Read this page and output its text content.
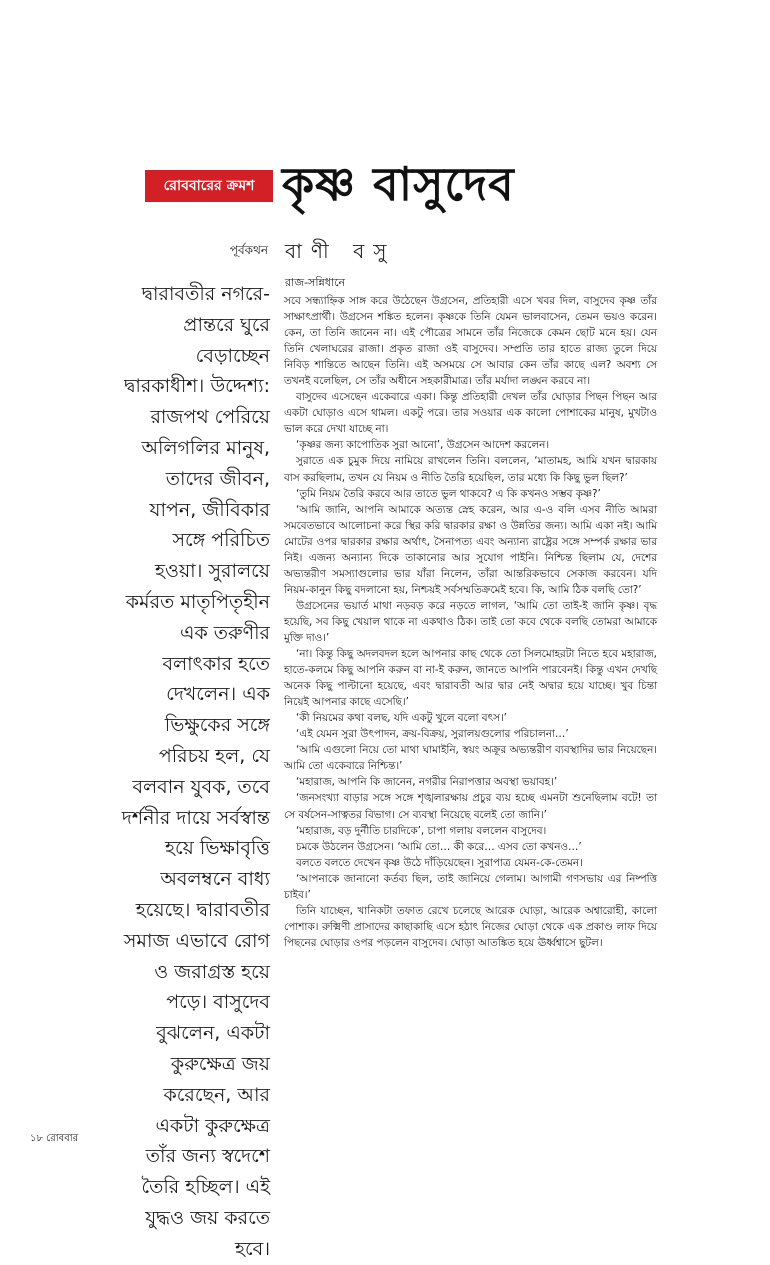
রোববারের ক্রমশ কৃষ্ণ বাসুদেব
বাণী বসু
পূর্বকথন
দ্বারাবতীর নগরে-প্রান্তরে ঘুরে বেড়াচ্ছেন দ্বারকাধীশ। উদ্দেশ্য: রাজপথ পেরিয়ে অলিগলির মানুষ, তাদের জীবন, যাপন, জীবিকার সঙ্গে পরিচিত হওয়া। সুরালয়ে কর্মরত মাতৃপিতৃহীন এক তরুণীর বলাৎকার হতে দেখলেন। এক ভিক্ষুকের সঙ্গে পরিচয় হল, যে বলবান যুবক, তবে দর্শনীর দায়ে সর্বস্বান্ত হয়ে ভিক্ষাবৃত্তি অবলম্বনে বাধ্য হয়েছে। দ্বারাবতীর সমাজ এভাবে রোগ ও জরাগ্রস্ত হয়ে পড়ে। বাসুদেব বুঝলেন, একটা কুরুক্ষেত্র জয় করেছেন, আর একটা কুরুক্ষেত্র তাঁর জন্য স্বদেশে তৈরি হচ্ছিল। এই যুদ্ধও জয় করতে হবে।
রাজ-সন্নিধানে

সবে সন্ধ্যাহ্নিক সাঙ্গ করে উঠেছেন উগ্রসেন, প্রতিহারী এসে খবর দিল, বাসুদেব কৃষ্ণ তাঁর সাক্ষাৎপ্রার্থী। উগ্রসেন শঙ্কিত হলেন। কৃষ্ণকে তিনি যেমন ভালবাসেন, তেমন ভয়ও করেন। কেন, তা তিনি জানেন না। এই পৌত্রের সামনে তাঁর নিজেকে কেমন ছোট মনে হয়। যেন তিনি খেলাঘরের রাজা। প্রকৃত রাজা ওই বাসুদেব। সম্প্রতি তার হাতে রাজ্য তুলে দিয়ে নিবিড় শান্তিতে আছেন তিনি। এই অসময়ে সে আবার কেন তাঁর কাছে এল? অবশ্য সে তখনই বলেছিল, সে তাঁর অধীনে সহকারীমাত্র। তাঁর মর্যাদা লঙ্ঘন করবে না।

বাসুদেব এসেছেন একেবারে একা। কিন্তু প্রতিহারী দেখল তাঁর ঘোড়ার পিছন পিছন আর একটা ঘোড়াও এসে থামল। একটু পরে। তার সওয়ার এক কালো পোশাকের মানুষ, মুখটাও ভাল করে দেখা যাচ্ছে না।

‘কৃষ্ণর জন্য কাপোতিক সুরা আনো’, উগ্রসেন আদেশ করলেন।

সুরাতে এক চুমুক দিয়ে নামিয়ে রাখলেন তিনি। বললেন, ‘মাতামহ, আমি যখন দ্বারকায় বাস করছিলাম, তখন যে নিয়ম ও নীতি তৈরি হয়েছিল, তার মধ্যে কি কিছু ভুল ছিল?’

‘তুমি নিয়ম তৈরি করবে আর তাতে ভুল থাকবে? এ কি কখনও সম্ভব কৃষ্ণ?’

‘আমি জানি, আপনি আমাকে অত্যন্ত স্নেহ করেন, আর এ-ও বলি এসব নীতি আমরা সমবেতভাবে আলোচনা করে স্থির করি দ্বারকার রক্ষা ও উন্নতির জন্য। আমি একা নই। আমি মোটের ওপর দ্বারকার রক্ষার অর্থাৎ, সৈনাপত্য এবং অন্যান্য রাষ্ট্রের সঙ্গে সম্পর্ক রক্ষার ভার নিই। এজন্য অন্যান্য দিকে তাকানোর আর সুযোগ পাইনি। নিশ্চিন্ত ছিলাম যে, দেশের অভ্যন্তরীণ সমস্যাগুলোর ভার যাঁরা নিলেন, তাঁরা আন্তরিকভাবে সেকাজ করবেন। যদি নিয়ম-কানুন কিছু বদলানো হয়, নিশ্চয়ই সর্বসম্মতিক্রমেই হবে। কি, আমি ঠিক বলছি তো?’

উগ্রসেনের ভয়ার্ত মাথা নড়বড় করে নড়তে লাগল, ‘আমি তো তাই-ই জানি কৃষ্ণ। বৃদ্ধ হয়েছি, সব কিছু খেয়াল থাকে না একথাও ঠিক। তাই তো কবে থেকে বলছি তোমরা আমাকে মুক্তি দাও।’

‘না। কিন্তু কিছু অদলবদল হলে আপনার কাছ থেকে তো সিলমোহরটা নিতে হবে মহারাজ, হাতে-কলমে কিছু আপনি করুন বা না-ই করুন, জানতে আপনি পারবেনই। কিন্তু এখন দেখছি অনেক কিছু পাল্টানো হয়েছে, এবং দ্বারাবতী আর দ্বার নেই অদ্বার হয়ে যাচ্ছে। খুব চিন্তা নিয়েই আপনার কাছে এসেছি।’

‘কী নিয়মের কথা বলছ, যদি একটু খুলে বলো বৎস।’

‘এই যেমন সুরা উৎপাদন, ক্রয়-বিক্রয়, সুরালয়গুলোর পরিচালনা…’

‘আমি এগুলো নিয়ে তো মাথা ঘামাইনি, স্বয়ং অক্রূর অভ্যন্তরীণ ব্যবস্থাদির ভার নিয়েছেন। আমি তো একেবারে নিশ্চিন্ত।’

‘মহারাজ, আপনি কি জানেন, নগরীর নিরাপত্তার অবস্থা ভয়াবহ।’

‘জনসংখ্যা বাড়ার সঙ্গে সঙ্গে শৃঙ্খলারক্ষায় প্রচুর ব্যয় হচ্ছে এমনটা শুনেছিলাম বটে! তা সে বর্ষসেন-সাত্বতর বিভাগ। সে ব্যবস্থা নিয়েছে বলেই তো জানি।’

‘মহারাজ, বড় দুর্নীতি চারদিকে’, চাপা গলায় বললেন বাসুদেব।

চমকে উঠলেন উগ্রসেন। ‘আমি তো… কী করে… এসব তো কখনও…’

বলতে বলতে দেখেন কৃষ্ণ উঠে দাঁড়িয়েছেন। সুরাপাত্র যেমন-কে-তেমন।

‘আপনাকে জানানো কর্তব্য ছিল, তাই জানিয়ে গেলাম। আগামী গণসভায় এর নিষ্পত্তি চাইব।’

তিনি যাচ্ছেন, খানিকটা তফাত রেখে চলেছে আরেক ঘোড়া, আরেক অশ্বারোহী, কালো পোশাক। রুক্মিণী প্রাসাদের কাছাকাছি এসে হঠাৎ নিজের ঘোড়া থেকে এক প্রকাণ্ড লাফ দিয়ে পিছনের ঘোড়ার ওপর পড়লেন বাসুদেব। ঘোড়া আতঙ্কিত হয়ে ঊর্ধ্বশ্বাসে ছুটল।

১৮ রোববার
